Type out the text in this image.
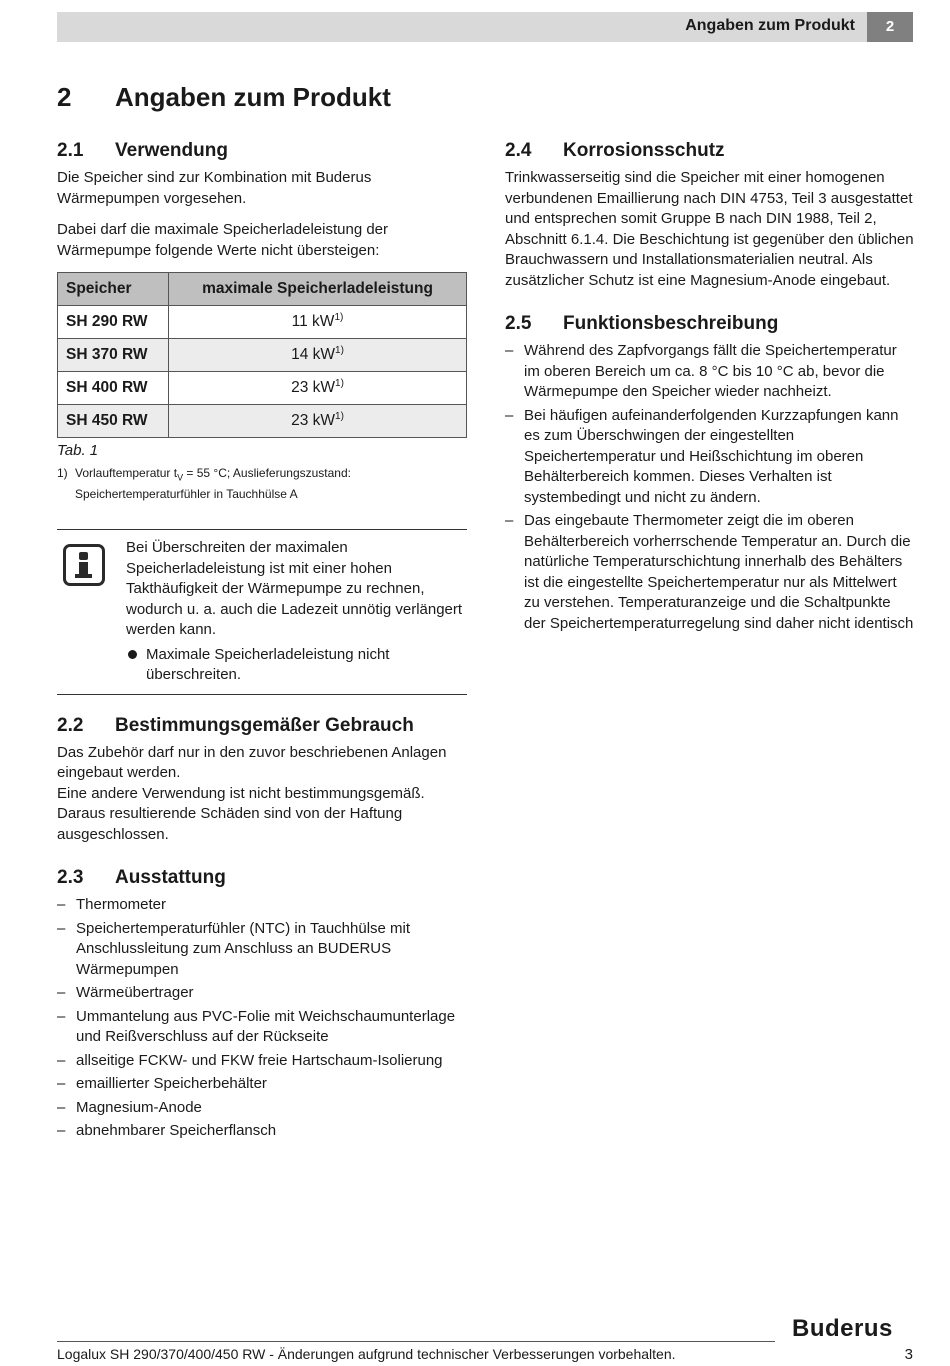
Angaben zum Produkt	2
2 Angaben zum Produkt
2.1 Verwendung

Die Speicher sind zur Kombination mit Buderus Wärmepumpen vorgesehen.

Dabei darf die maximale Speicherladeleistung der Wärmepumpe folgende Werte nicht übersteigen:

Speicher	maximale Speicherladeleistung
SH 290 RW	11 $kW^{1)}$
SH 370 RW	14 $kW^{1)}$
SH 400 RW	23 $kW^{1)}$
SH 450 RW	23 $kW^{1)}$
Tab. 1
1) Vorlauftemperatur $t_V = 55$ °C; Auslieferungszustand: Speichertemperaturfühler in Tauchhülse A

Bei Überschreiten der maximalen Speicherladeleistung ist mit einer hohen Takthäufigkeit der Wärmepumpe zu rechnen, wodurch u. a. auch die Ladezeit unnötig verlängert werden kann.

Maximale Speicherladeleistung nicht überschreiten.
2.2 Bestimmungsgemäßer Gebrauch

Das Zubehör darf nur in den zuvor beschriebenen Anlagen eingebaut werden.

Eine andere Verwendung ist nicht bestimmungsgemäß. Daraus resultierende Schäden sind von der Haftung ausgeschlossen.

2.3 Ausstattung
– Thermometer
– Speichertemperaturfühler (NTC) in Tauchhülse mit Anschlussleitung zum Anschluss an BUDERUS Wärmepumpen
– Wärmeübertrager
– Ummantelung aus PVC-Folie mit Weichschaumunterlage und Reißverschluss auf der Rückseite
– allseitige FCKW- und FKW freie Hartschaum-Isolierung
– emaillierter Speicherbehälter
– Magnesium-Anode
– abnehmbarer Speicherflansch
2.4 Korrosionsschutz

Trinkwasserseitig sind die Speicher mit einer homogenen verbundenen Emaillierung nach DIN 4753, Teil 3 ausgestattet und entsprechen somit Gruppe B nach DIN 1988, Teil 2, Abschnitt 6.1.4. Die Beschichtung ist gegenüber den üblichen Brauchwassern und Installationsmaterialien neutral. Als zusätzlicher Schutz ist eine Magnesium-Anode eingebaut.

2.5 Funktionsbeschreibung
– Während des Zapfvorgangs fällt die Speichertemperatur im oberen Bereich um ca. 8 °C bis 10 °C ab, bevor die Wärmepumpe den Speicher wieder nachheizt.
– Bei häufigen aufeinanderfolgenden Kurzzapfungen kann es zum Überschwingen der eingestellten Speichertemperatur und Heißschichtung im oberen Behälterbereich kommen. Dieses Verhalten ist systembedingt und nicht zu ändern.
– Das eingebaute Thermometer zeigt die im oberen Behälterbereich vorherrschende Temperatur an. Durch die natürliche Temperaturschichtung innerhalb des Behälters ist die eingestellte Speichertemperatur nur als Mittelwert zu verstehen. Temperaturanzeige und die Schaltpunkte der Speichertemperaturregelung sind daher nicht identisch
Buderus
Logalux SH 290/370/400/450 RW - Änderungen aufgrund technischer Verbesserungen vorbehalten.	3
